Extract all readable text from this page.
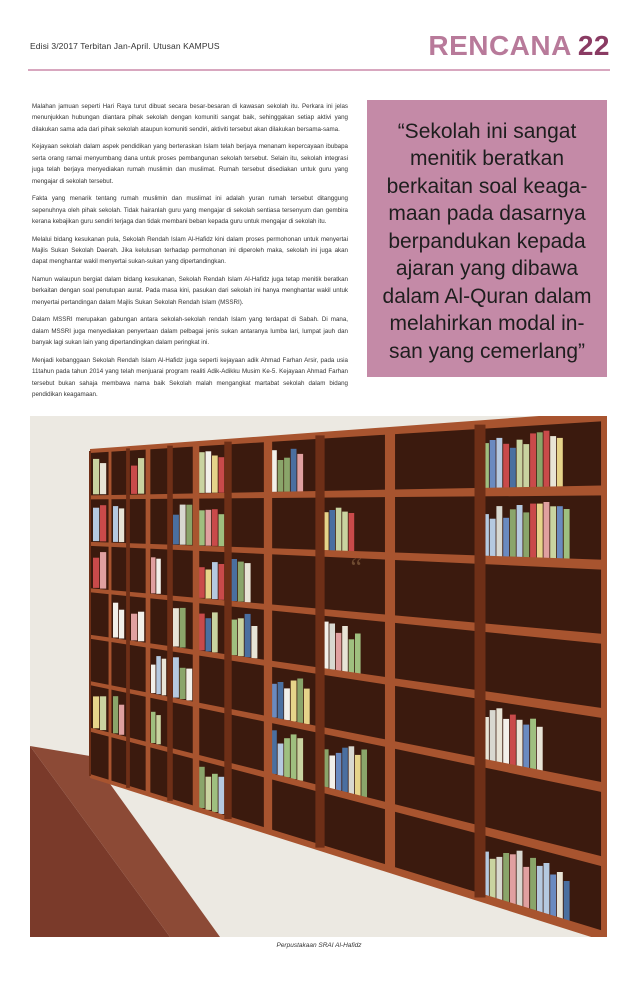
Edisi 3/2017 Terbitan Jan-April. Utusan KAMPUS	RENCANA 22

Malahan jamuan seperti Hari Raya turut dibuat secara besar-besaran di kawasan sekolah itu. Perkara ini jelas menunjukkan hubungan diantara pihak sekolah dengan komuniti sangat baik, sehinggakan setiap aktivi yang dilakukan sama ada dari pihak sekolah ataupun komuniti sendiri, aktiviti tersebut akan dilakukan bersama-sama.

Kejayaan sekolah dalam aspek pendidikan yang berteraskan Islam telah berjaya menanam kepercayaan ibubapa serta orang ramai menyumbang dana untuk proses pembangunan sekolah tersebut. Selain itu, sekolah integrasi juga telah berjaya menyediakan rumah muslimin dan muslimat. Rumah tersebut disediakan untuk guru yang mengajar di sekolah tersebut.

Fakta yang menarik tentang rumah muslimin dan muslimat ini adalah yuran rumah tersebut ditanggung sepenuhnya oleh pihak sekolah. Tidak hairanlah guru yang mengajar di sekolah sentiasa tersenyum dan gembira kerana kebajikan guru sendiri terjaga dan tidak membani beban kepada guru untuk mengajar di sekolah itu.

Melalui bidang kesukanan pula, Sekolah Rendah Islam Al-Hafidz kini dalam proses permohonan untuk menyertai Majlis Sukan Sekolah Daerah. Jika kelulusan terhadap permohonan ini diperoleh maka, sekolah ini juga akan dapat menghantar wakil menyertai sukan-sukan yang dipertandingkan.

Namun walaupun bergiat dalam bidang kesukanan, Sekolah Rendah Islam Al-Hafidz juga tetap menitik beratkan berkaitan dengan soal penutupan aurat. Pada masa kini, pasukan dari sekolah ini hanya menghantar wakil untuk menyertai pertandingan dalam Majlis Sukan Sekolah Rendah Islam (MSSRI).

Dalam MSSRI merupakan gabungan antara sekolah-sekolah rendah Islam yang terdapat di Sabah. Di mana, dalam MSSRI juga menyediakan penyertaan dalam pelbagai jenis sukan antaranya lumba lari, lumpat jauh dan banyak lagi sukan lain yang dipertandingkan dalam peringkat ini.

Menjadi kebanggaan Sekolah Rendah Islam Al-Hafidz juga seperti kejayaan adik Ahmad Farhan Arsir, pada usia 11tahun pada tahun 2014 yang telah menjuarai program realiti Adik-Adikku Musim Ke-5. Kejayaan Ahmad Farhan tersebut bukan sahaja membawa nama baik Sekolah malah mengangkat martabat sekolah dalam bidang pendidikan keagamaan.

“Sekolah ini sangat menitik beratkan berkaitan soal keaga-maan pada dasarnya berpandukan kepada ajaran yang dibawa dalam Al-Quran dalam melahirkan modal in-san yang cemerlang”
“
Perpustakaan SRAI Al-Hafidz
